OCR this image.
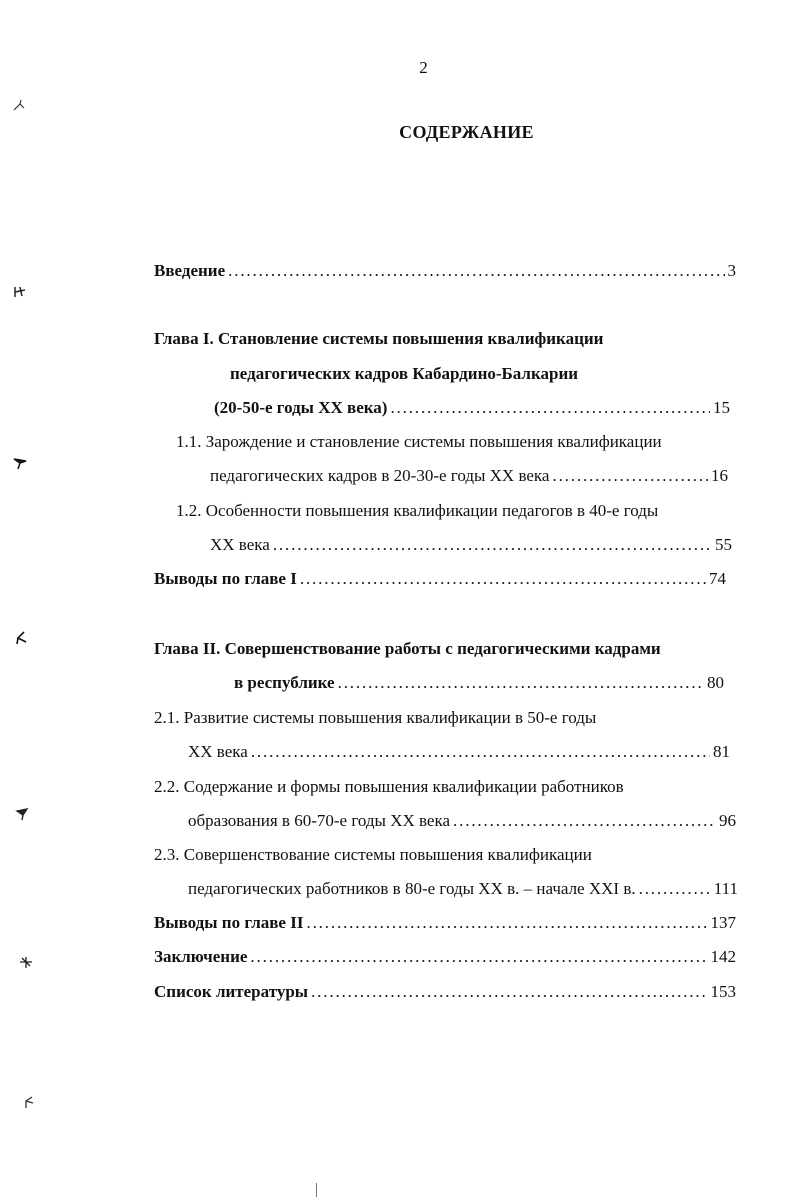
2
СОДЕРЖАНИЕ
Введение . . .	3
Глава I. Становление системы повышения квалификации
педагогических кадров Кабардино-Балкарии
(20-50-е годы XX века) . . .	15
1.1. Зарождение и становление системы повышения квалификации
педагогических кадров в 20-30-е годы XX века . . .	16
1.2. Особенности повышения квалификации педагогов в 40-е годы
XX века . . .	55
Выводы по главе I . . .	74
Глава II. Совершенствование работы с педагогическими кадрами
в республике . . .	80
2.1. Развитие системы повышения квалификации в 50-е годы
XX века . . .	81
2.2. Содержание и формы повышения квалификации работников
образования в 60-70-е годы XX века . . .	96
2.3. Совершенствование системы повышения квалификации
педагогических работников в 80-е годы XX в. – начале XXI в. . . .	111
Выводы по главе II . . .	137
Заключение . . .	142
Список литературы . . .	153
